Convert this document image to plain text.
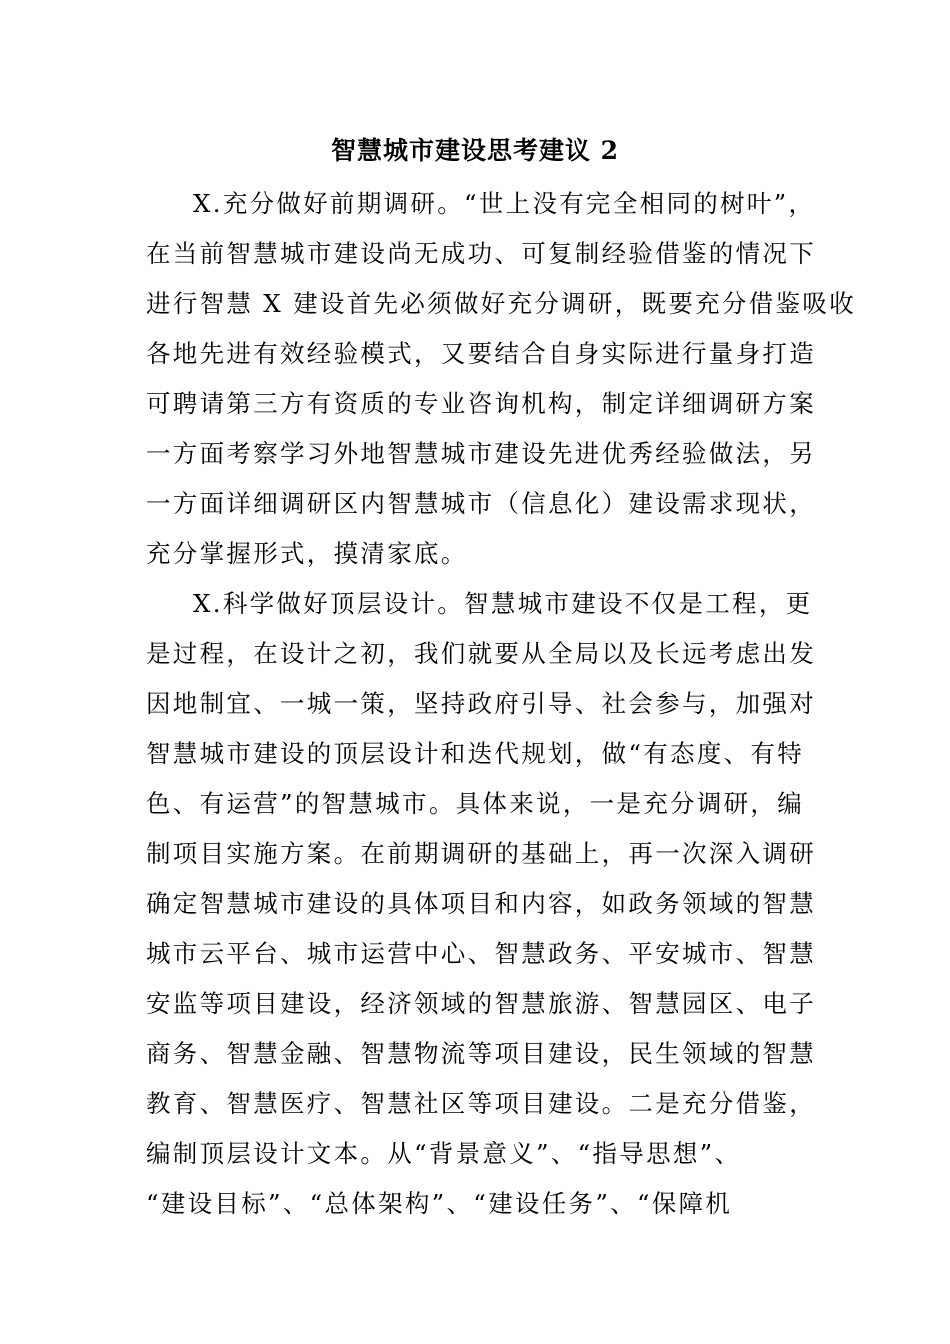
智慧城市建设思考建议 2
X.充分做好前期调研。“世上没有完全相同的树叶”，
在当前智慧城市建设尚无成功、可复制经验借鉴的情况下
进行智慧 X 建设首先必须做好充分调研，既要充分借鉴吸收
各地先进有效经验模式，又要结合自身实际进行量身打造
可聘请第三方有资质的专业咨询机构，制定详细调研方案
一方面考察学习外地智慧城市建设先进优秀经验做法，另
一方面详细调研区内智慧城市（信息化）建设需求现状，
充分掌握形式，摸清家底。
X.科学做好顶层设计。智慧城市建设不仅是工程，更
是过程，在设计之初，我们就要从全局以及长远考虑出发
因地制宜、一城一策，坚持政府引导、社会参与，加强对
智慧城市建设的顶层设计和迭代规划，做“有态度、有特
色、有运营”的智慧城市。具体来说，一是充分调研，编
制项目实施方案。在前期调研的基础上，再一次深入调研
确定智慧城市建设的具体项目和内容，如政务领域的智慧
城市云平台、城市运营中心、智慧政务、平安城市、智慧
安监等项目建设，经济领域的智慧旅游、智慧园区、电子
商务、智慧金融、智慧物流等项目建设，民生领域的智慧
教育、智慧医疗、智慧社区等项目建设。二是充分借鉴，
编制顶层设计文本。从“背景意义”、“指导思想”、
“建设目标”、“总体架构”、“建设任务”、“保障机
